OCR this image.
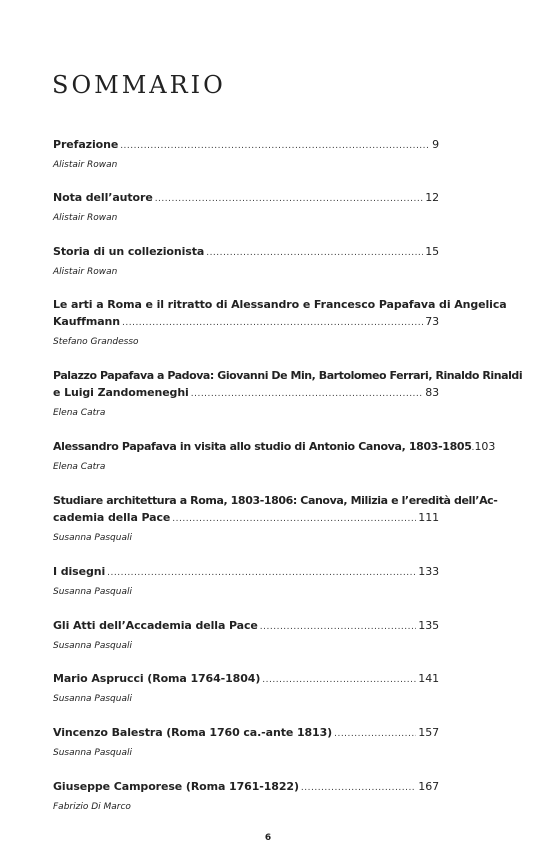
SOMMARIO
Prefazione .....	9
Alistair Rowan
Nota dell’autore .....	12
Alistair Rowan
Storia di un collezionista .....	15
Alistair Rowan
Le arti a Roma e il ritratto di Alessandro e Francesco Papafava di Angelica
Kauffmann .....	73
Stefano Grandesso
Palazzo Papafava a Padova: Giovanni De Min, Bartolomeo Ferrari, Rinaldo Rinaldi
e Luigi Zandomeneghi .....	83
Elena Catra
Alessandro Papafava in visita allo studio di Antonio Canova, 1803-1805 ..... 103
Elena Catra
Studiare architettura a Roma, 1803-1806: Canova, Milizia e l’eredità dell’Ac-
cademia della Pace .....	111
Susanna Pasquali
I disegni .....	133
Susanna Pasquali
Gli Atti dell’Accademia della Pace .....	135
Susanna Pasquali
Mario Asprucci (Roma 1764-1804) .....	141
Susanna Pasquali
Vincenzo Balestra (Roma 1760 ca.-ante 1813) .....	157
Susanna Pasquali
Giuseppe Camporese (Roma 1761-1822) .....	167
Fabrizio Di Marco
6
